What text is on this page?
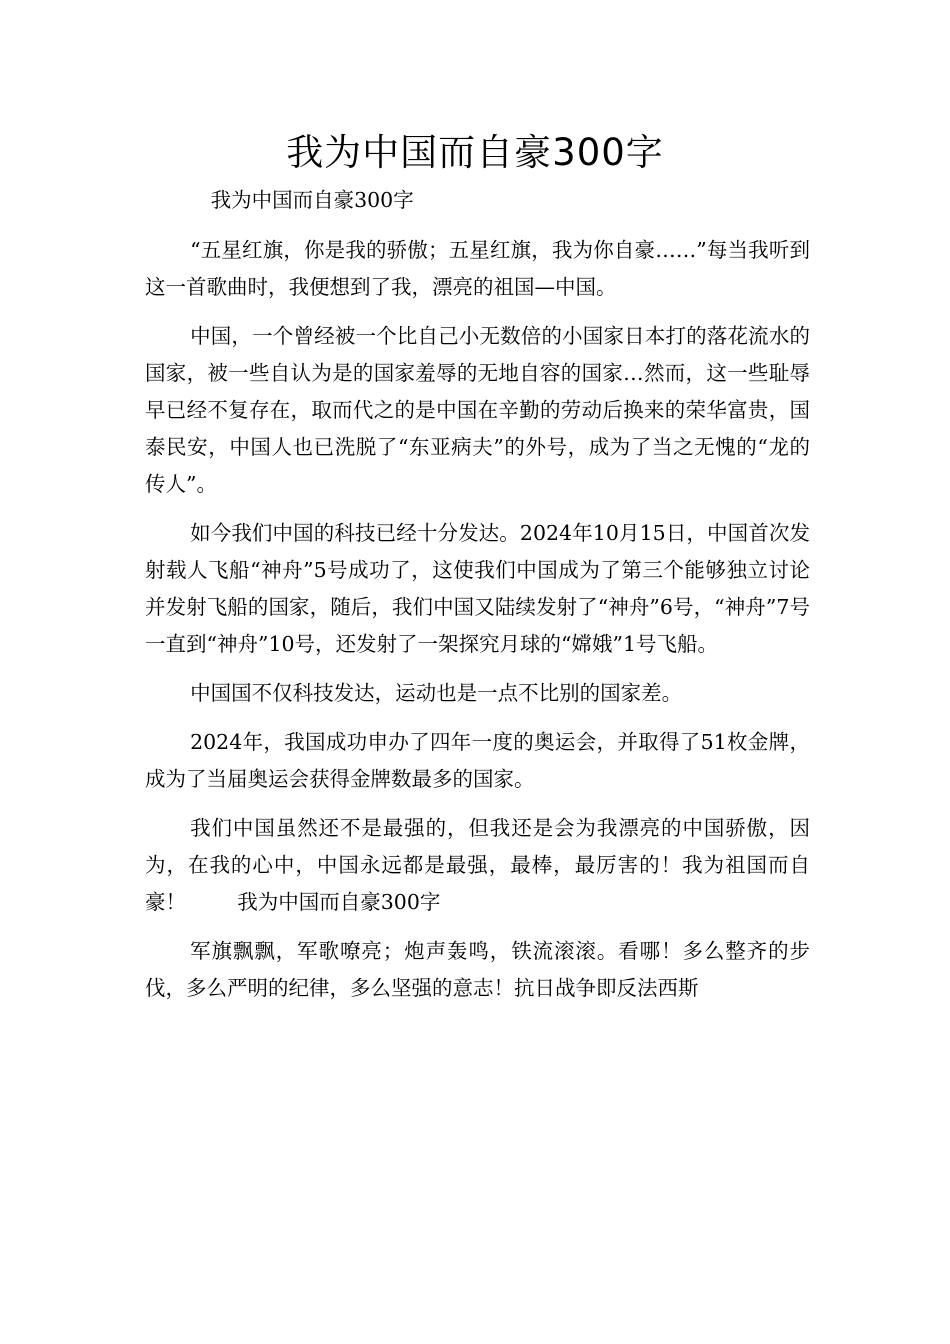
我为中国而自豪300字

我为中国而自豪300字

“五星红旗，你是我的骄傲；五星红旗，我为你自豪……”每当我听到这一首歌曲时，我便想到了我，漂亮的祖国—中国。

中国，一个曾经被一个比自己小无数倍的小国家日本打的落花流水的国家，被一些自认为是的国家羞辱的无地自容的国家…然而，这一些耻辱早已经不复存在，取而代之的是中国在辛勤的劳动后换来的荣华富贵，国泰民安，中国人也已洗脱了“东亚病夫”的外号，成为了当之无愧的“龙的传人”。

如今我们中国的科技已经十分发达。2024年10月15日，中国首次发射载人飞船“神舟”5号成功了，这使我们中国成为了第三个能够独立讨论并发射飞船的国家，随后，我们中国又陆续发射了“神舟”6号，“神舟”7号一直到“神舟”10号，还发射了一架探究月球的“嫦娥”1号飞船。

中国国不仅科技发达，运动也是一点不比别的国家差。

2024年，我国成功申办了四年一度的奥运会，并取得了51枚金牌，成为了当届奥运会获得金牌数最多的国家。

我们中国虽然还不是最强的，但我还是会为我漂亮的中国骄傲，因为，在我的心中，中国永远都是最强，最棒，最厉害的！我为祖国而自豪！	我为中国而自豪300字

军旗飘飘，军歌嘹亮；炮声轰鸣，铁流滚滚。看哪！多么整齐的步伐，多么严明的纪律，多么坚强的意志！抗日战争即反法西斯
